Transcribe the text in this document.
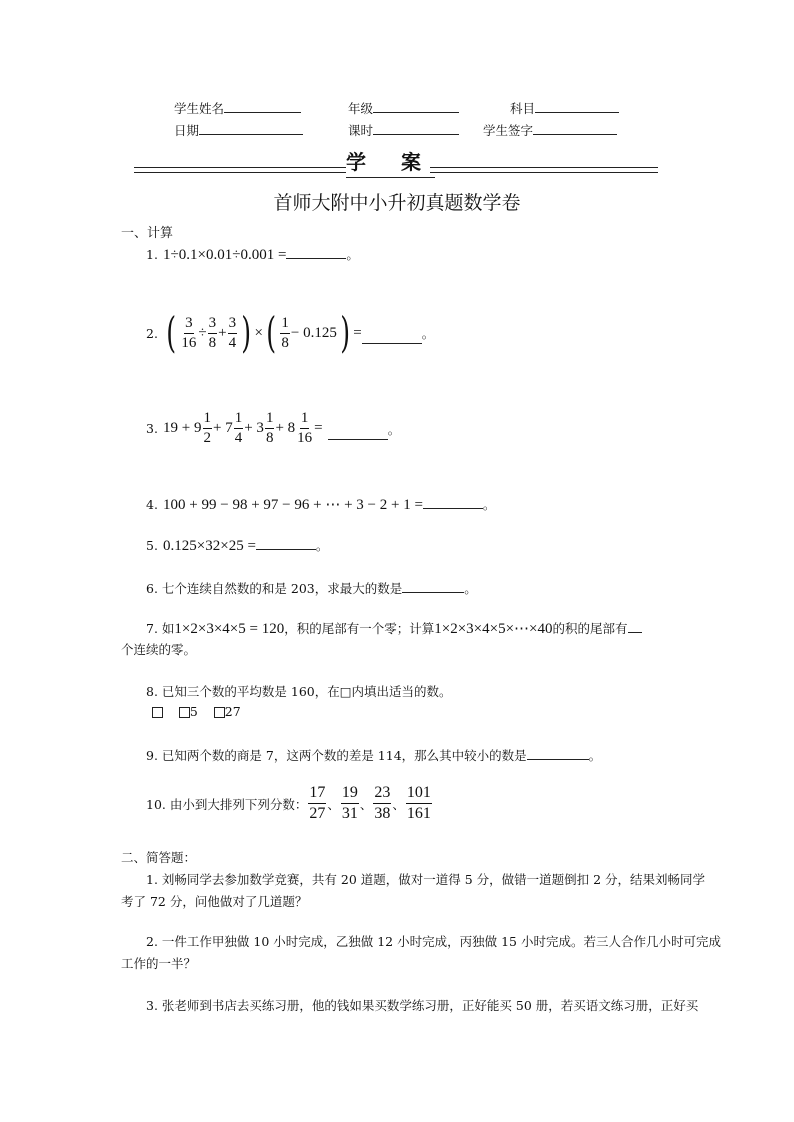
学生姓名	年级	科目
日期	课时	学生签字
学 案
首师大附中小升初真题数学卷
一、计算
1. 1÷0.1×0.01÷0.001 =	。
2.
( $\frac{3}{16} \div \frac{3}{8} + \frac{3}{4}$ ) × ( $\frac{1}{8} - 0.125$ ) =	。
3.
$19 + 9 \frac{1}{2} + 7 \frac{1}{4} + 3 \frac{1}{8} + 8 \frac{1}{16}$ =
	。
4. 100 + 99 − 98 + 97 − 96 + ⋯ + 3 − 2 + 1 =	。
5. 0.125×32×25 =	。
6. 七个连续自然数的和是 203，求最大的数是	。
7. 如1×2×3×4×5 = 120，积的尾部有一个零；计算1×2×3×4×5×⋯×40的积的尾部有
个连续的零。
8. 已知三个数的平均数是 160，在□内填出适当的数。
5 27
9. 已知两个数的商是 7，这两个数的差是 114，那么其中较小的数是	。
10. 由小到大排列下列分数： $\frac{17}{27}$ 、 $\frac{19}{31}$ 、 $\frac{23}{38}$ 、 $\frac{101}{161}$
二、简答题：
1. 刘畅同学去参加数学竞赛，共有 20 道题，做对一道得 5 分，做错一道题倒扣 2 分，结果刘畅同学
考了 72 分，问他做对了几道题？
2. 一件工作甲独做 10 小时完成，乙独做 12 小时完成，丙独做 15 小时完成。若三人合作几小时可完成
工作的一半？
3. 张老师到书店去买练习册，他的钱如果买数学练习册，正好能买 50 册，若买语文练习册，正好买
